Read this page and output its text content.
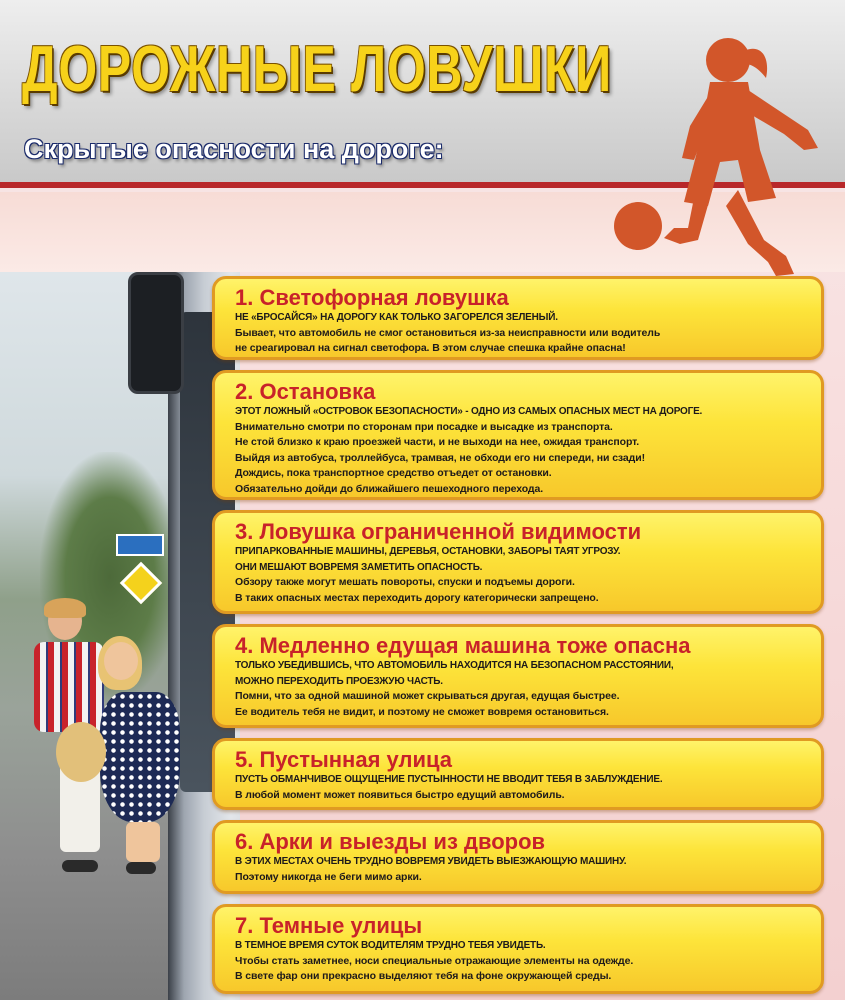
ДОРОЖНЫЕ ЛОВУШКИ
Скрытые опасности на дороге:
1. Светофорная ловушка
НЕ «БРОСАЙСЯ» НА ДОРОГУ КАК ТОЛЬКО ЗАГОРЕЛСЯ ЗЕЛЕНЫЙ.
Бывает, что автомобиль не смог остановиться из-за неисправности или водитель
не среагировал на сигнал светофора. В этом случае спешка крайне опасна!
2. Остановка
ЭТОТ ЛОЖНЫЙ «ОСТРОВОК БЕЗОПАСНОСТИ» - ОДНО ИЗ САМЫХ ОПАСНЫХ МЕСТ НА ДОРОГЕ.
Внимательно смотри по сторонам при посадке и высадке из транспорта.
Не стой близко к краю проезжей части, и не выходи на нее, ожидая транспорт.
Выйдя из автобуса, троллейбуса, трамвая, не обходи его ни спереди, ни сзади!
Дождись, пока транспортное средство отъедет от остановки.
Обязательно дойди до ближайшего пешеходного перехода.
3. Ловушка ограниченной видимости
ПРИПАРКОВАННЫЕ МАШИНЫ, ДЕРЕВЬЯ, ОСТАНОВКИ, ЗАБОРЫ ТАЯТ УГРОЗУ.
ОНИ МЕШАЮТ ВОВРЕМЯ ЗАМЕТИТЬ ОПАСНОСТЬ.
Обзору также могут мешать повороты, спуски и подъемы дороги.
В таких опасных местах переходить дорогу категорически запрещено.
4. Медленно едущая машина тоже опасна
ТОЛЬКО УБЕДИВШИСЬ, ЧТО АВТОМОБИЛЬ НАХОДИТСЯ НА БЕЗОПАСНОМ РАССТОЯНИИ,
МОЖНО ПЕРЕХОДИТЬ ПРОЕЗЖУЮ ЧАСТЬ.
Помни, что за одной машиной может скрываться другая, едущая быстрее.
Ее водитель тебя не видит, и поэтому не сможет вовремя остановиться.
5. Пустынная улица
ПУСТЬ ОБМАНЧИВОЕ ОЩУЩЕНИЕ ПУСТЫННОСТИ НЕ ВВОДИТ ТЕБЯ В ЗАБЛУЖДЕНИЕ.
В любой момент может появиться быстро едущий автомобиль.
6. Арки и выезды из дворов
В ЭТИХ МЕСТАХ ОЧЕНЬ ТРУДНО ВОВРЕМЯ УВИДЕТЬ ВЫЕЗЖАЮЩУЮ МАШИНУ.
Поэтому никогда не беги мимо арки.
7. Темные улицы
В ТЕМНОЕ ВРЕМЯ СУТОК ВОДИТЕЛЯМ ТРУДНО ТЕБЯ УВИДЕТЬ.
Чтобы стать заметнее, носи специальные отражающие элементы на одежде.
В свете фар они прекрасно выделяют тебя на фоне окружающей среды.
